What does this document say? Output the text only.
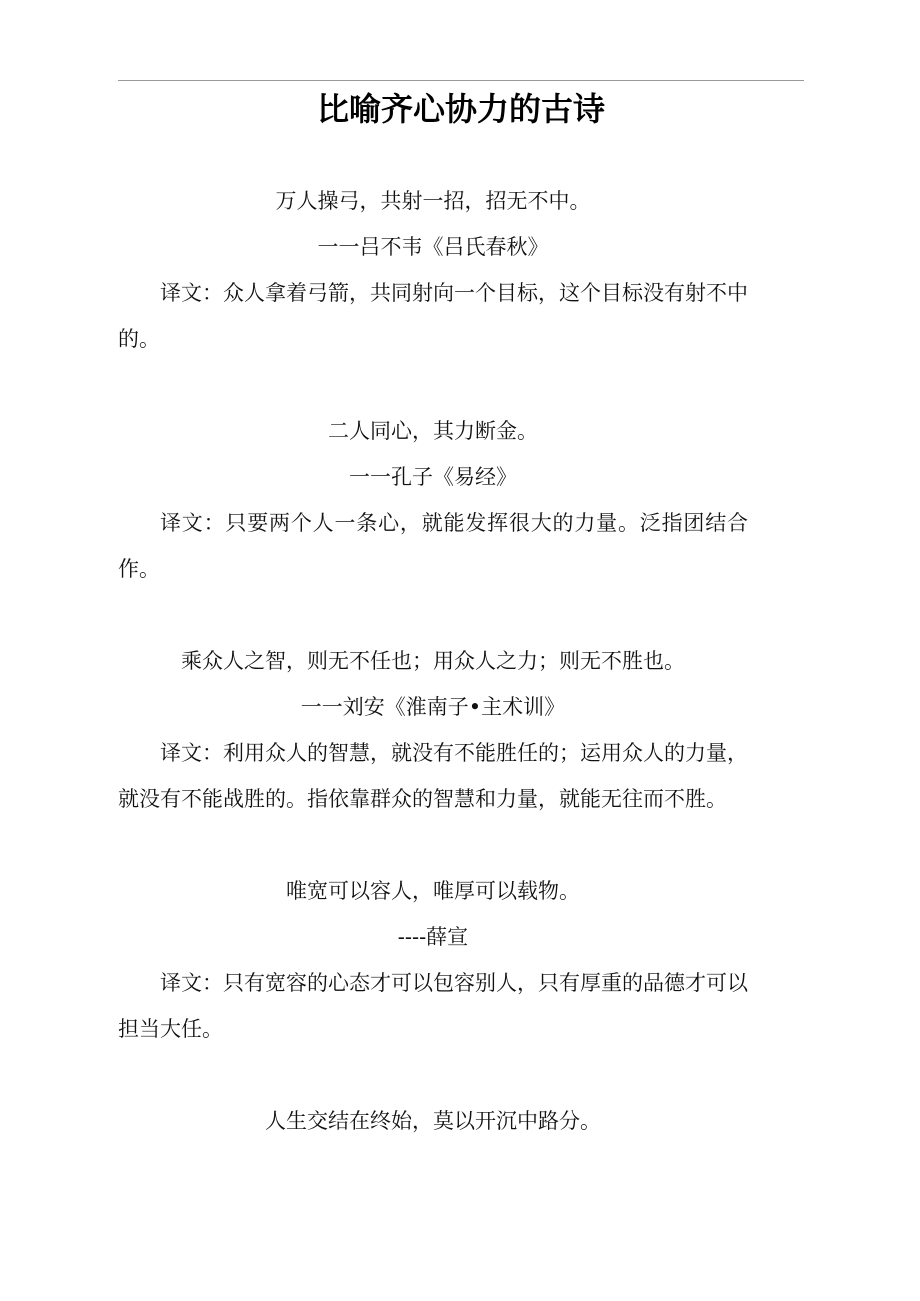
比喻齐心协力的古诗

万人操弓，共射一招，招无不中。

一一吕不韦《吕氏春秋》

译文：众人拿着弓箭，共同射向一个目标，这个目标没有射不中的。

二人同心，其力断金。

一一孔子《易经》

译文：只要两个人一条心，就能发挥很大的力量。泛指团结合作。

乘众人之智，则无不任也；用众人之力；则无不胜也。

一一刘安《淮南子•主术训》

译文：利用众人的智慧，就没有不能胜任的；运用众人的力量，就没有不能战胜的。指依靠群众的智慧和力量，就能无往而不胜。

唯宽可以容人，唯厚可以载物。

----薛宣

译文：只有宽容的心态才可以包容别人，只有厚重的品德才可以担当大任。

人生交结在终始，莫以开沉中路分。
